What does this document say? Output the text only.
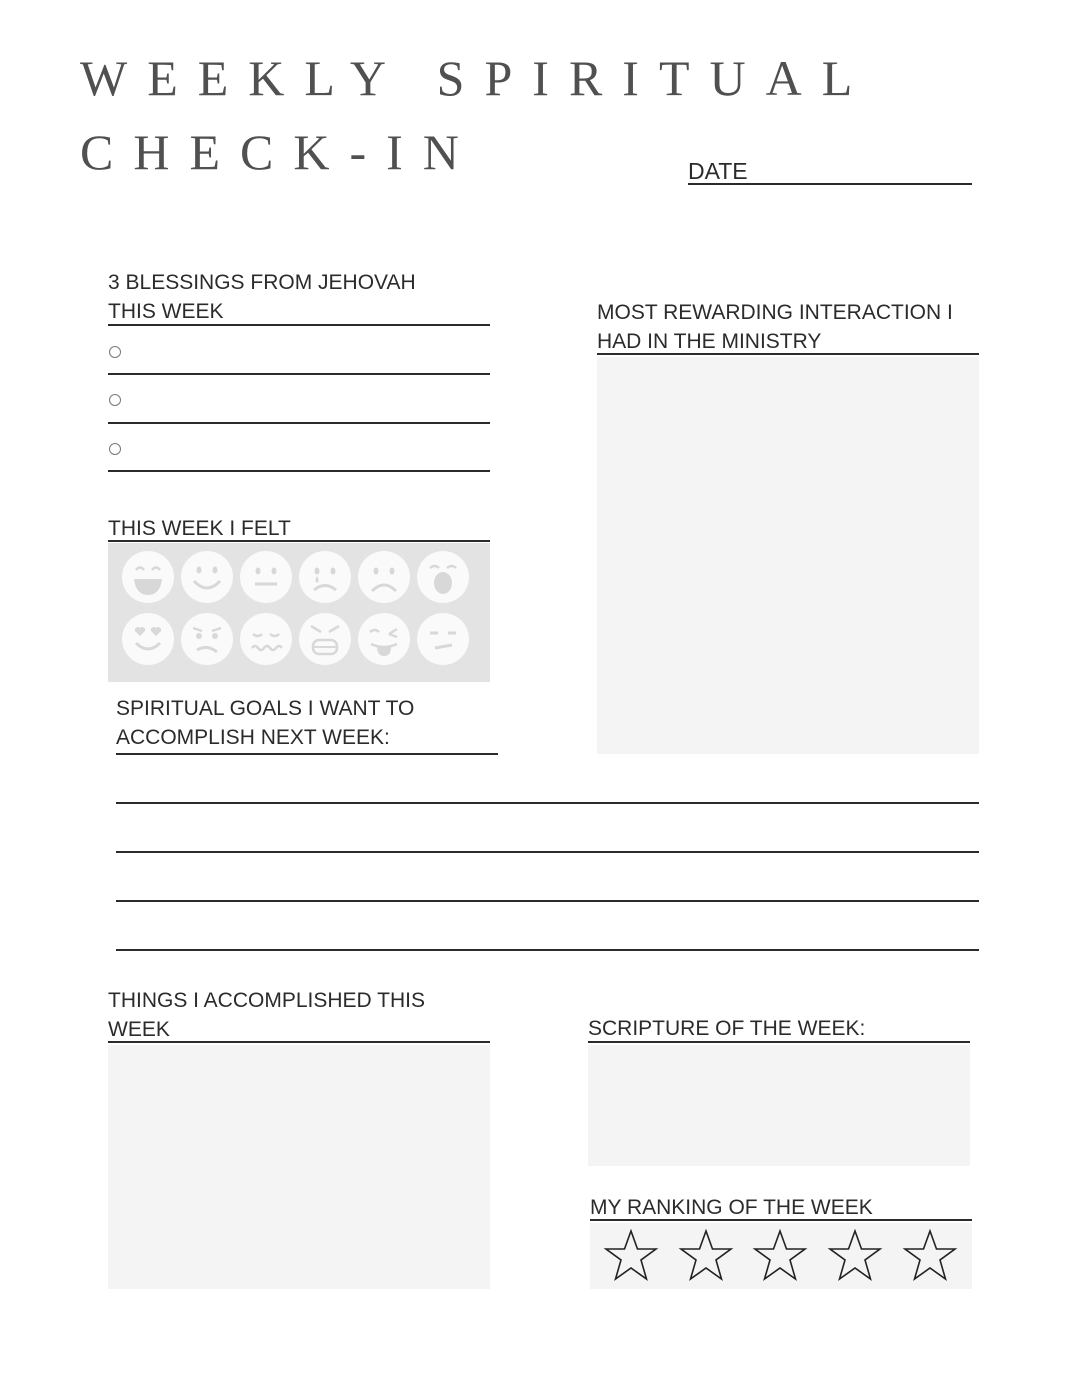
WEEKLY SPIRITUAL
CHECK-IN	DATE
3 BLESSINGS FROM JEHOVAH
THIS WEEK	MOST REWARDING INTERACTION I
HAD IN THE MINISTRY
THIS WEEK I FELT
SPIRITUAL GOALS I WANT TO
ACCOMPLISH NEXT WEEK:
THINGS I ACCOMPLISHED THIS
WEEK	SCRIPTURE OF THE WEEK:
MY RANKING OF THE WEEK
